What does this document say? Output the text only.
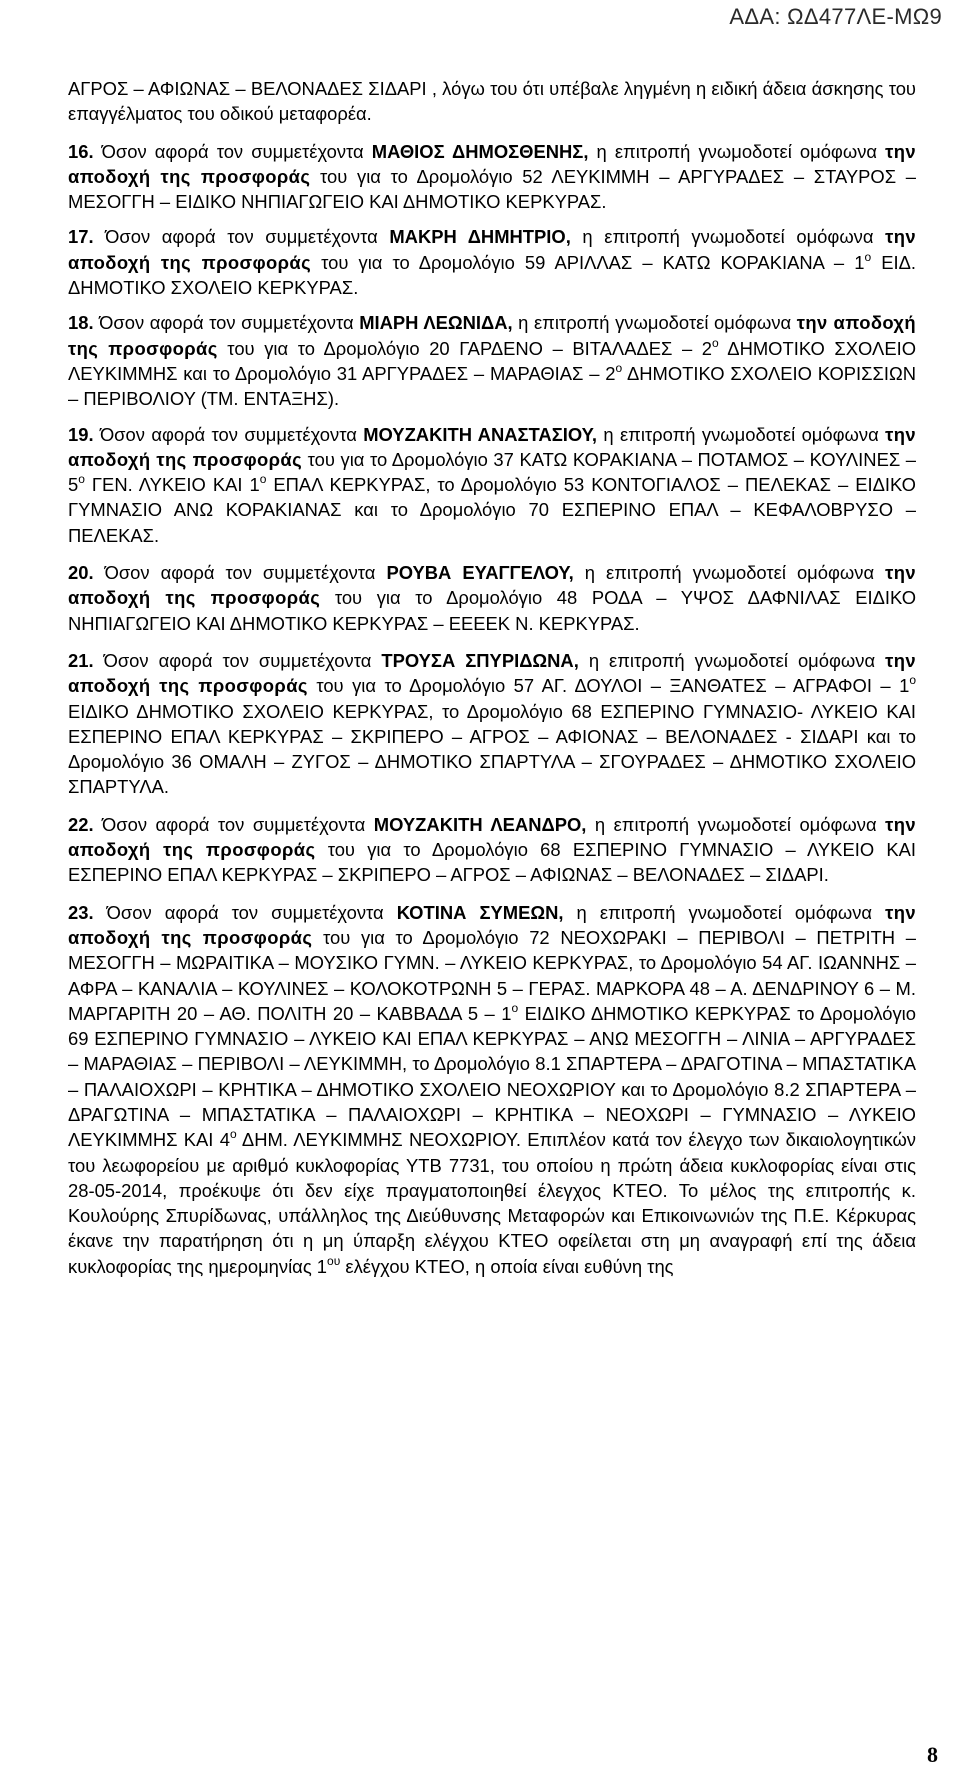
ΑΔΑ: ΩΔ477ΛΕ-ΜΩ9

ΑΓΡΟΣ – ΑΦΙΩΝΑΣ – ΒΕΛΟΝΑΔΕΣ ΣΙΔΑΡΙ , λόγω του ότι υπέβαλε ληγμένη η ειδική άδεια άσκησης του επαγγέλματος του οδικού μεταφορέα.

16. Όσον αφορά τον συμμετέχοντα ΜΑΘΙΟΣ ΔΗΜΟΣΘΕΝΗΣ, η επιτροπή γνωμοδοτεί ομόφωνα την αποδοχή της προσφοράς του για το Δρομολόγιο 52 ΛΕΥΚΙΜΜΗ – ΑΡΓΥΡΑΔΕΣ – ΣΤΑΥΡΟΣ – ΜΕΣΟΓΓΗ – ΕΙΔΙΚΟ ΝΗΠΙΑΓΩΓΕΙΟ ΚΑΙ ΔΗΜΟΤΙΚΟ ΚΕΡΚΥΡΑΣ.

17. Όσον αφορά τον συμμετέχοντα ΜΑΚΡΗ ΔΗΜΗΤΡΙΟ, η επιτροπή γνωμοδοτεί ομόφωνα την αποδοχή της προσφοράς του για το Δρομολόγιο 59 ΑΡΙΛΛΑΣ – ΚΑΤΩ ΚΟΡΑΚΙΑΝΑ – $1^o$ ΕΙΔ. ΔΗΜΟΤΙΚΟ ΣΧΟΛΕΙΟ ΚΕΡΚΥΡΑΣ.

18. Όσον αφορά τον συμμετέχοντα ΜΙΑΡΗ ΛΕΩΝΙΔΑ, η επιτροπή γνωμοδοτεί ομόφωνα την αποδοχή της προσφοράς του για το Δρομολόγιο 20 ΓΑΡΔΕΝΟ – ΒΙΤΑΛΑΔΕΣ – $2^o$ ΔΗΜΟΤΙΚΟ ΣΧΟΛΕΙΟ ΛΕΥΚΙΜΜΗΣ και το Δρομολόγιο 31 ΑΡΓΥΡΑΔΕΣ – ΜΑΡΑΘΙΑΣ – $2^o$ ΔΗΜΟΤΙΚΟ ΣΧΟΛΕΙΟ ΚΟΡΙΣΣΙΩΝ – ΠΕΡΙΒΟΛΙΟΥ (ΤΜ. ΕΝΤΑΞΗΣ).

19. Όσον αφορά τον συμμετέχοντα ΜΟΥΖΑΚΙΤΗ ΑΝΑΣΤΑΣΙΟΥ, η επιτροπή γνωμοδοτεί ομόφωνα την αποδοχή της προσφοράς του για το Δρομολόγιο 37 ΚΑΤΩ ΚΟΡΑΚΙΑΝΑ – ΠΟΤΑΜΟΣ – ΚΟΥΛΙΝΕΣ – $5^o$ ΓΕΝ. ΛΥΚΕΙΟ ΚΑΙ $1^o$ ΕΠΑΛ ΚΕΡΚΥΡΑΣ, το Δρομολόγιο 53 ΚΟΝΤΟΓΙΑΛΟΣ – ΠΕΛΕΚΑΣ – ΕΙΔΙΚΟ ΓΥΜΝΑΣΙΟ ΑΝΩ ΚΟΡΑΚΙΑΝΑΣ και το Δρομολόγιο 70 ΕΣΠΕΡΙΝΟ ΕΠΑΛ – ΚΕΦΑΛΟΒΡΥΣΟ – ΠΕΛΕΚΑΣ.

20. Όσον αφορά τον συμμετέχοντα ΡΟΥΒΑ ΕΥΑΓΓΕΛΟΥ, η επιτροπή γνωμοδοτεί ομόφωνα την αποδοχή της προσφοράς του για το Δρομολόγιο 48 ΡΟΔΑ – ΥΨΟΣ ΔΑΦΝΙΛΑΣ ΕΙΔΙΚΟ ΝΗΠΙΑΓΩΓΕΙΟ ΚΑΙ ΔΗΜΟΤΙΚΟ ΚΕΡΚΥΡΑΣ – ΕΕΕΕΚ Ν. ΚΕΡΚΥΡΑΣ.

21. Όσον αφορά τον συμμετέχοντα ΤΡΟΥΣΑ ΣΠΥΡΙΔΩΝΑ, η επιτροπή γνωμοδοτεί ομόφωνα την αποδοχή της προσφοράς του για το Δρομολόγιο 57 ΑΓ. ΔΟΥΛΟΙ – ΞΑΝΘΑΤΕΣ – ΑΓΡΑΦΟΙ – $1^o$ ΕΙΔΙΚΟ ΔΗΜΟΤΙΚΟ ΣΧΟΛΕΙΟ ΚΕΡΚΥΡΑΣ, το Δρομολόγιο 68 ΕΣΠΕΡΙΝΟ ΓΥΜΝΑΣΙΟ- ΛΥΚΕΙΟ ΚΑΙ ΕΣΠΕΡΙΝΟ ΕΠΑΛ ΚΕΡΚΥΡΑΣ – ΣΚΡΙΠΕΡΟ – ΑΓΡΟΣ – ΑΦΙΟΝΑΣ – ΒΕΛΟΝΑΔΕΣ - ΣΙΔΑΡΙ και το Δρομολόγιο 36 ΟΜΑΛΗ – ΖΥΓΟΣ – ΔΗΜΟΤΙΚΟ ΣΠΑΡΤΥΛΑ – ΣΓΟΥΡΑΔΕΣ – ΔΗΜΟΤΙΚΟ ΣΧΟΛΕΙΟ ΣΠΑΡΤΥΛΑ.

22. Όσον αφορά τον συμμετέχοντα ΜΟΥΖΑΚΙΤΗ ΛΕΑΝΔΡΟ, η επιτροπή γνωμοδοτεί ομόφωνα την αποδοχή της προσφοράς του για το Δρομολόγιο 68 ΕΣΠΕΡΙΝΟ ΓΥΜΝΑΣΙΟ – ΛΥΚΕΙΟ ΚΑΙ ΕΣΠΕΡΙΝΟ ΕΠΑΛ ΚΕΡΚΥΡΑΣ – ΣΚΡΙΠΕΡΟ – ΑΓΡΟΣ – ΑΦΙΩΝΑΣ – ΒΕΛΟΝΑΔΕΣ – ΣΙΔΑΡΙ.

23. Όσον αφορά τον συμμετέχοντα ΚΟΤΙΝΑ ΣΥΜΕΩΝ, η επιτροπή γνωμοδοτεί ομόφωνα την αποδοχή της προσφοράς του για το Δρομολόγιο 72 ΝΕΟΧΩΡΑΚΙ – ΠΕΡΙΒΟΛΙ – ΠΕΤΡΙΤΗ – ΜΕΣΟΓΓΗ – ΜΩΡΑΙΤΙΚΑ – ΜΟΥΣΙΚΟ ΓΥΜΝ. – ΛΥΚΕΙΟ ΚΕΡΚΥΡΑΣ, το Δρομολόγιο 54 ΑΓ. ΙΩΑΝΝΗΣ – ΑΦΡΑ – ΚΑΝΑΛΙΑ – ΚΟΥΛΙΝΕΣ – ΚΟΛΟΚΟΤΡΩΝΗ 5 – ΓΕΡΑΣ. ΜΑΡΚΟΡΑ 48 – Α. ΔΕΝΔΡΙΝΟΥ 6 – Μ. ΜΑΡΓΑΡΙΤΗ 20 – ΑΘ. ΠΟΛΙΤΗ 20 – ΚΑΒΒΑΔΑ $5 - 1^o$ ΕΙΔΙΚΟ ΔΗΜΟΤΙΚΟ ΚΕΡΚΥΡΑΣ το Δρομολόγιο 69 ΕΣΠΕΡΙΝΟ ΓΥΜΝΑΣΙΟ – ΛΥΚΕΙΟ ΚΑΙ ΕΠΑΛ ΚΕΡΚΥΡΑΣ – ΑΝΩ ΜΕΣΟΓΓΗ – ΛΙΝΙΑ – ΑΡΓΥΡΑΔΕΣ – ΜΑΡΑΘΙΑΣ – ΠΕΡΙΒΟΛΙ – ΛΕΥΚΙΜΜΗ, το Δρομολόγιο 8.1 ΣΠΑΡΤΕΡΑ – ΔΡΑΓΟΤΙΝΑ – ΜΠΑΣΤΑΤΙΚΑ – ΠΑΛΑΙΟΧΩΡΙ – ΚΡΗΤΙΚΑ – ΔΗΜΟΤΙΚΟ ΣΧΟΛΕΙΟ ΝΕΟΧΩΡΙΟΥ και το Δρομολόγιο 8.2 ΣΠΑΡΤΕΡΑ – ΔΡΑΓΩΤΙΝΑ – ΜΠΑΣΤΑΤΙΚΑ – ΠΑΛΑΙΟΧΩΡΙ – ΚΡΗΤΙΚΑ – ΝΕΟΧΩΡΙ – ΓΥΜΝΑΣΙΟ – ΛΥΚΕΙΟ ΛΕΥΚΙΜΜΗΣ ΚΑΙ $4^o$ ΔΗΜ. ΛΕΥΚΙΜΜΗΣ ΝΕΟΧΩΡΙΟΥ. Επιπλέον κατά τον έλεγχο των δικαιολογητικών του λεωφορείου με αριθμό κυκλοφορίας ΥΤΒ 7731, του οποίου η πρώτη άδεια κυκλοφορίας είναι στις 28-05-2014, προέκυψε ότι δεν είχε πραγματοποιηθεί έλεγχος ΚΤΕΟ. Το μέλος της επιτροπής κ. Κουλούρης Σπυρίδωνας, υπάλληλος της Διεύθυνσης Μεταφορών και Επικοινωνιών της Π.Ε. Κέρκυρας έκανε την παρατήρηση ότι η μη ύπαρξη ελέγχου ΚΤΕΟ οφείλεται στη μη αναγραφή επί της άδεια κυκλοφορίας της ημερομηνίας $1^{o\upsilon}$ ελέγχου ΚΤΕΟ, η οποία είναι ευθύνη της

8
